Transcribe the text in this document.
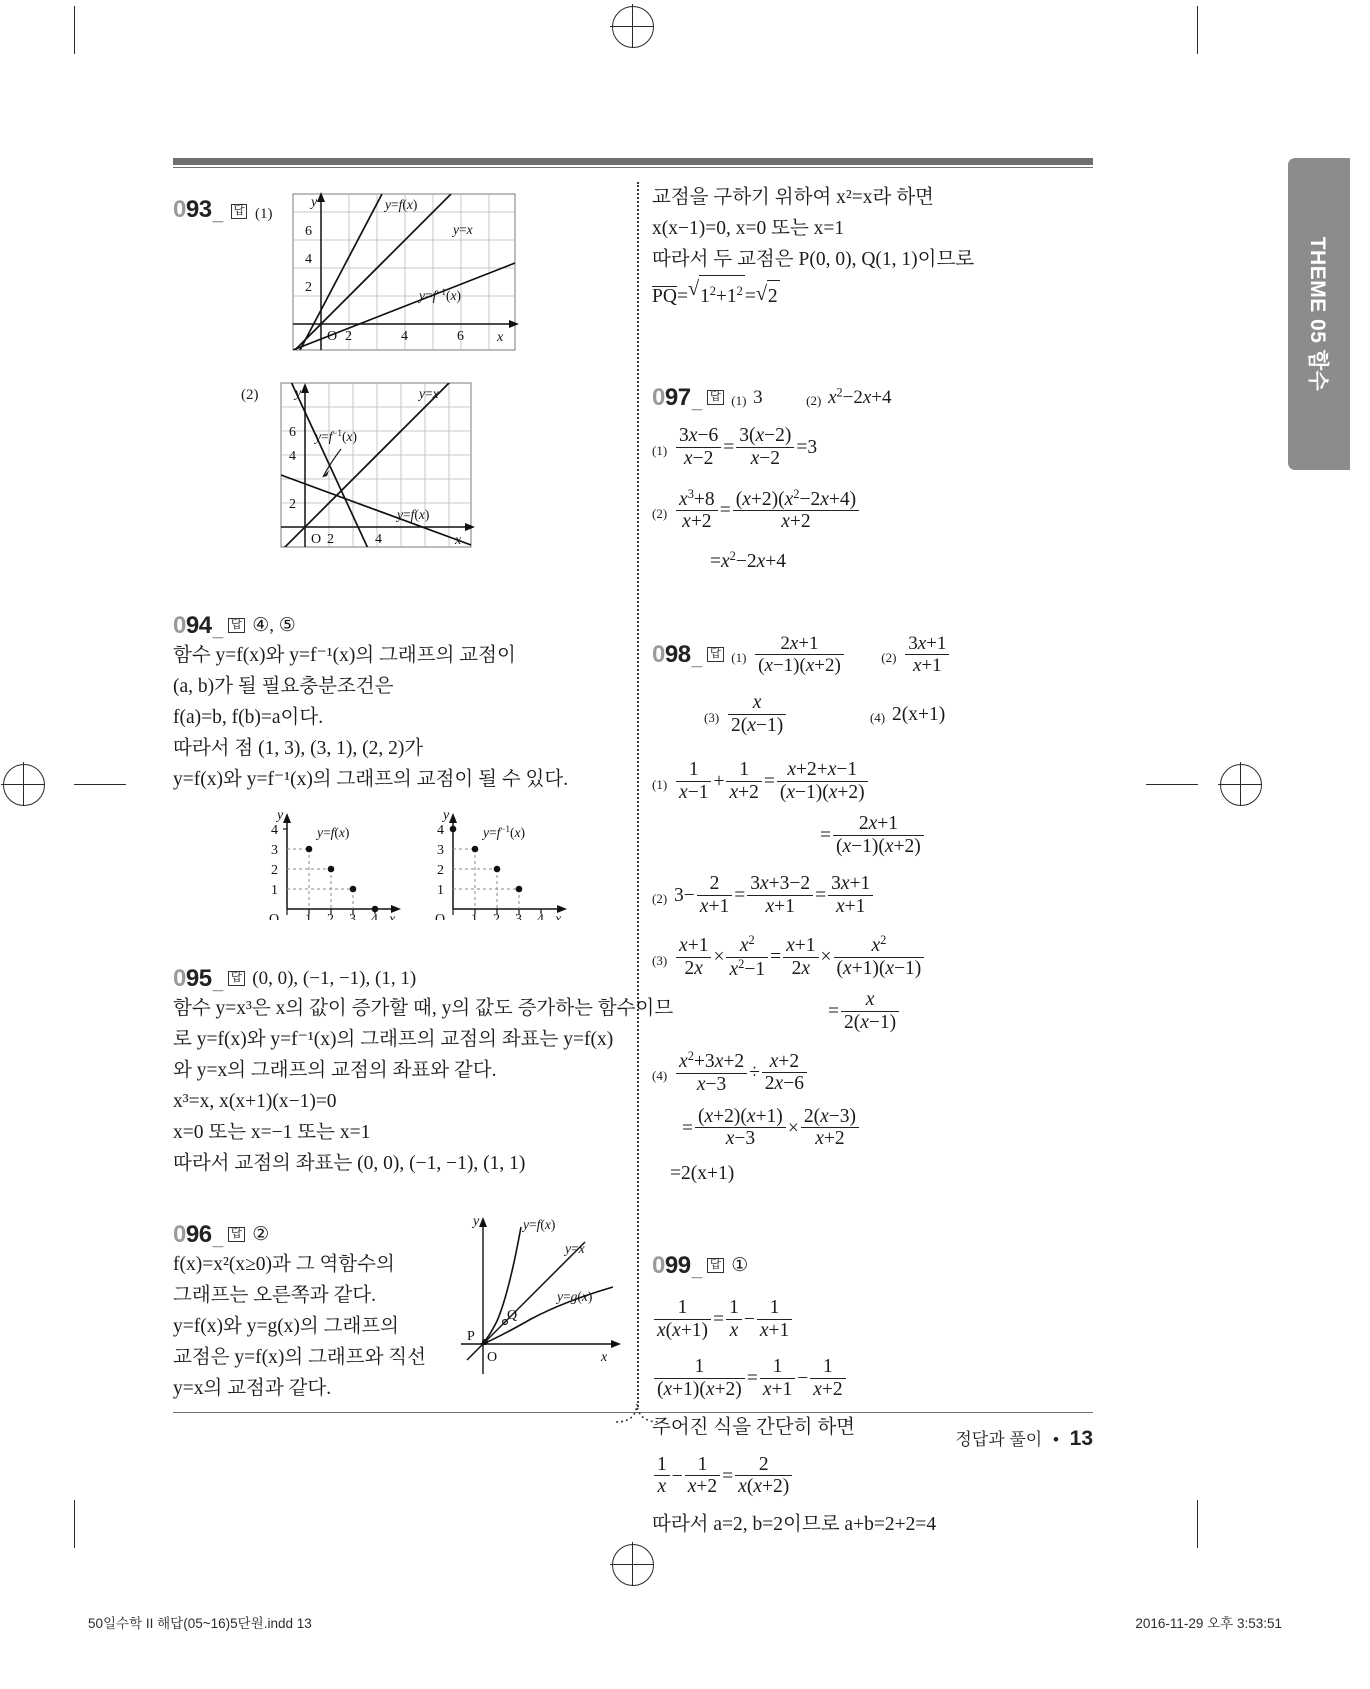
THEME 05 함수
093_ 답 (1)
6
4
2
O 2	4	6 x
y	y=f(x)
y=x
$y=f^{-1}(x)$
(2)
6
4
2
O 2	4	x
y	y=x
$y=f^{-1}(x)$
y=f(x)
094_ 답 ④, ⑤

함수 y=f(x)와 y=f⁻¹(x)의 그래프의 교점이

(a, b)가 될 필요충분조건은

f(a)=b, f(b)=a이다.

따라서 점 (1, 3), (3, 1), (2, 2)가

y=f(x)와 y=f⁻¹(x)의 그래프의 교점이 될 수 있다.

4
3
2
1
O 1 2 3 4 x
y
y=f(x)	4
3
2
1
O 1 2 3 4 x
y
$y=f^{-1}(x)$
095_ 답 (0, 0), (−1, −1), (1, 1)

함수 y=x³은 x의 값이 증가할 때, y의 값도 증가하는 함수이므

로 y=f(x)와 y=f⁻¹(x)의 그래프의 교점의 좌표는 y=f(x)

와 y=x의 그래프의 교점의 좌표와 같다.

x³=x, x(x+1)(x−1)=0

x=0 또는 x=−1 또는 x=1

따라서 교점의 좌표는 (0, 0), (−1, −1), (1, 1)

096_ 답 ②

f(x)=x²(x≥0)과 그 역함수의

그래프는 오른쪽과 같다.

y=f(x)와 y=g(x)의 그래프의

교점은 y=f(x)의 그래프와 직선

y=x의 교점과 같다.

y
x
O
P
Q
y=f(x)
y=x
y=g(x)

교점을 구하기 위하여 x²=x라 하면

x(x−1)=0, x=0 또는 x=1

따라서 두 교점은 P(0, 0), Q(1, 1)이므로

PQ= √ $1^2+1^2$ = √ 2

097_ 답 (1) 3	(2) $x^2-2x+4$
$(1) \frac{3x-6}{x-2} = \frac{3(x-2)}{x-2} =3$
$(2) \frac{x^3+8}{x+2} = \frac{(x+2)(x^2-2x+4)}{x+2}$
$=x^2-2x+4$
098_ 답 $(1) \frac{2x+1}{(x-1)(x+2)}$	$(2) \frac{3x+1}{x+1}$
$(3) \frac{x}{2(x-1)}$	(4) 2(x+1)
$(1) \frac{1}{x-1} + \frac{1}{x+2} = \frac{x+2+x-1}{(x-1)(x+2)}$
= $\frac{2x+1}{(x-1)(x+2)}$
(2) $3- \frac{2}{x+1} = \frac{3x+3-2}{x+1} = \frac{3x+1}{x+1}$
$(3) \frac{x+1}{2x} \times \frac{x^2}{x^2-1} = \frac{x+1}{2x} \times \frac{x^2}{(x+1)(x-1)}$
= $\frac{x}{2(x-1)}$
$(4) \frac{x^2+3x+2}{x-3} \div \frac{x+2}{2x-6}$
= $\frac{(x+2)(x+1)}{x-3} \times \frac{2(x-3)}{x+2}$
=2(x+1)
099_ 답 ①
$\frac{1}{x(x+1)} = \frac{1}{x} - \frac{1}{x+1}$
$\frac{1}{(x+1)(x+2)} = \frac{1}{x+1} - \frac{1}{x+2}$

주어진 식을 간단히 하면

$\frac{1}{x} - \frac{1}{x+2} = \frac{2}{x(x+2)}$

따라서 a=2, b=2이므로 a+b=2+2=4

정답과 풀이 • 13
50일수학 II 해답(05~16)5단원.indd 13	2016-11-29 오후 3:53:51
